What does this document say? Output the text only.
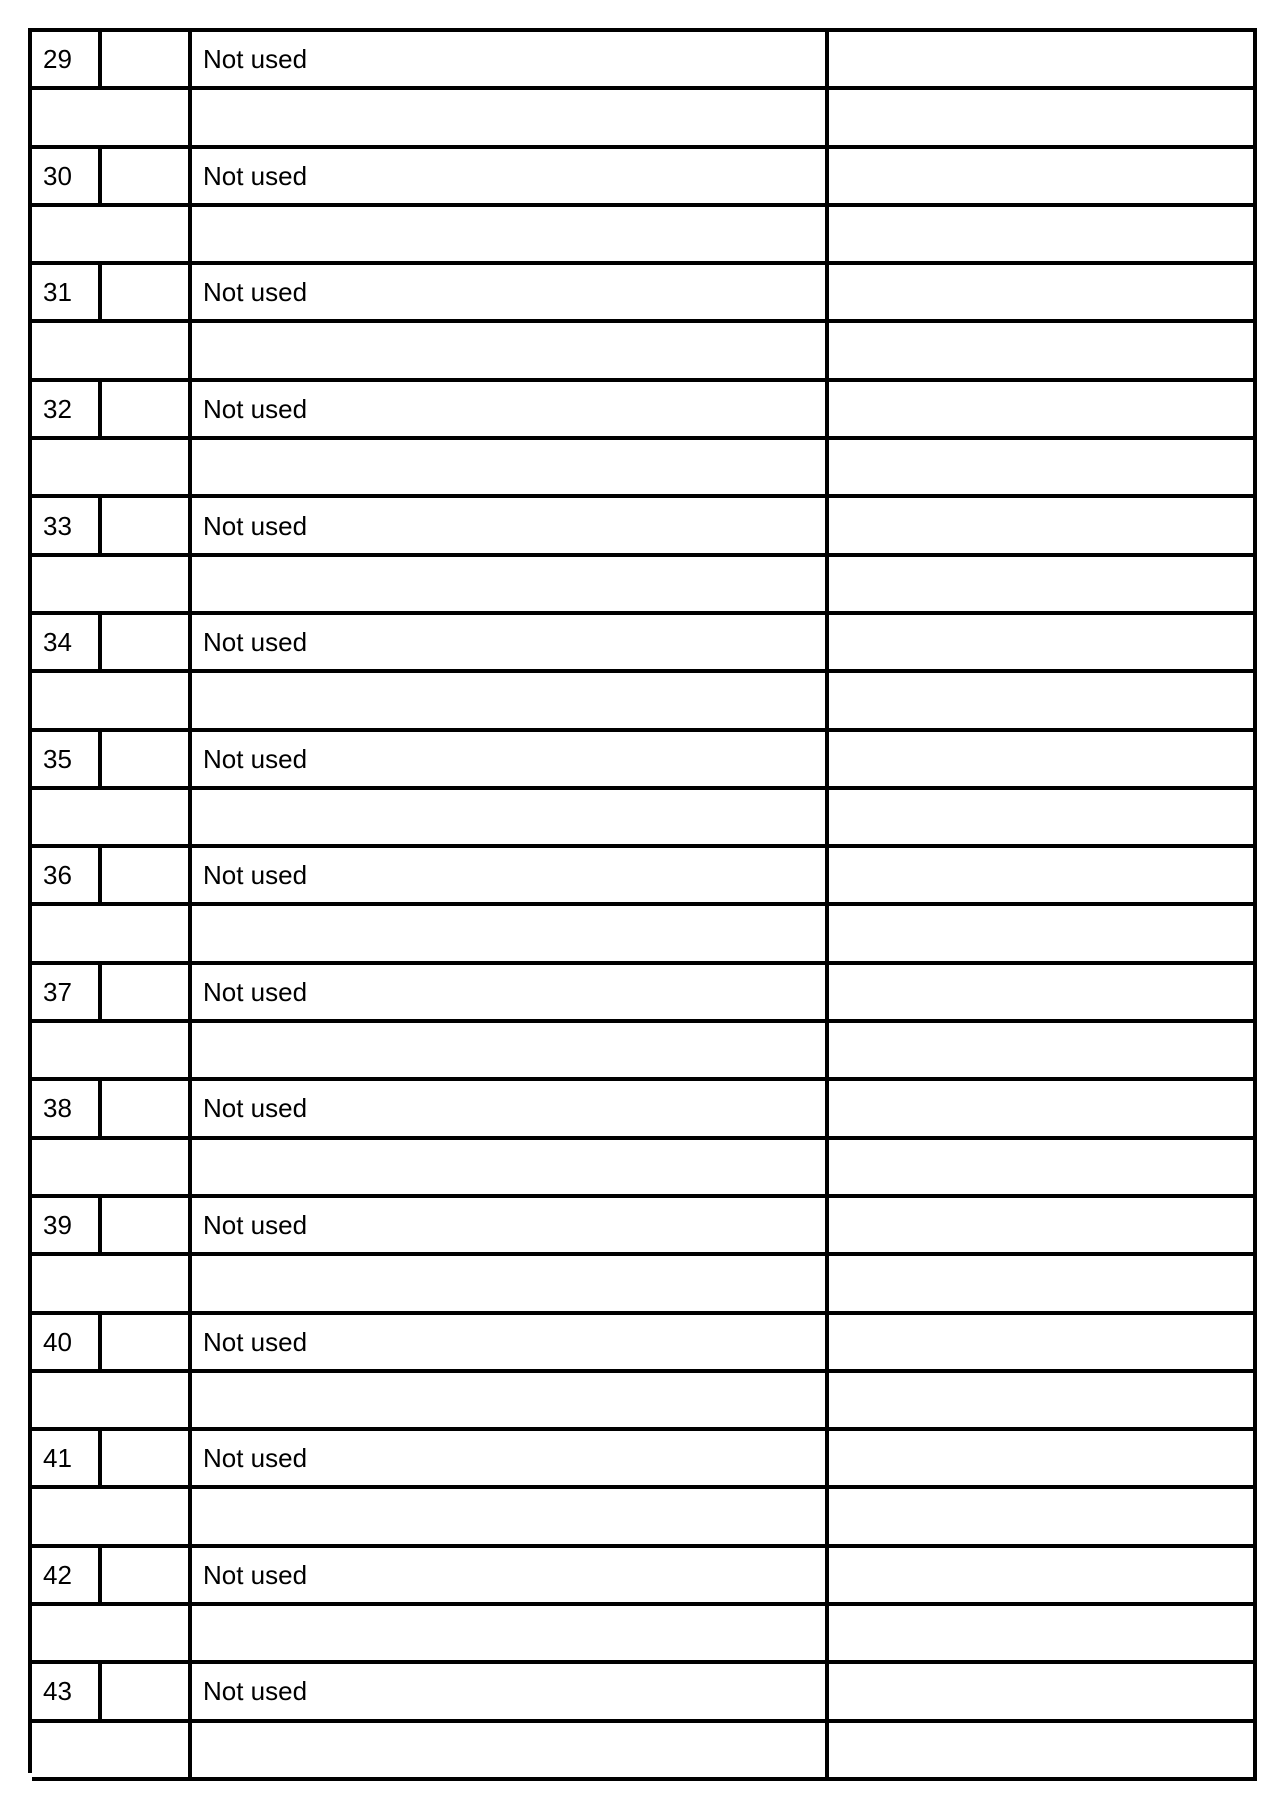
29		Not used	

30		Not used	

31		Not used	

32		Not used	

33		Not used	

34		Not used	

35		Not used	

36		Not used	

37		Not used	

38		Not used	

39		Not used	

40		Not used	

41		Not used	

42		Not used	

43		Not used	
